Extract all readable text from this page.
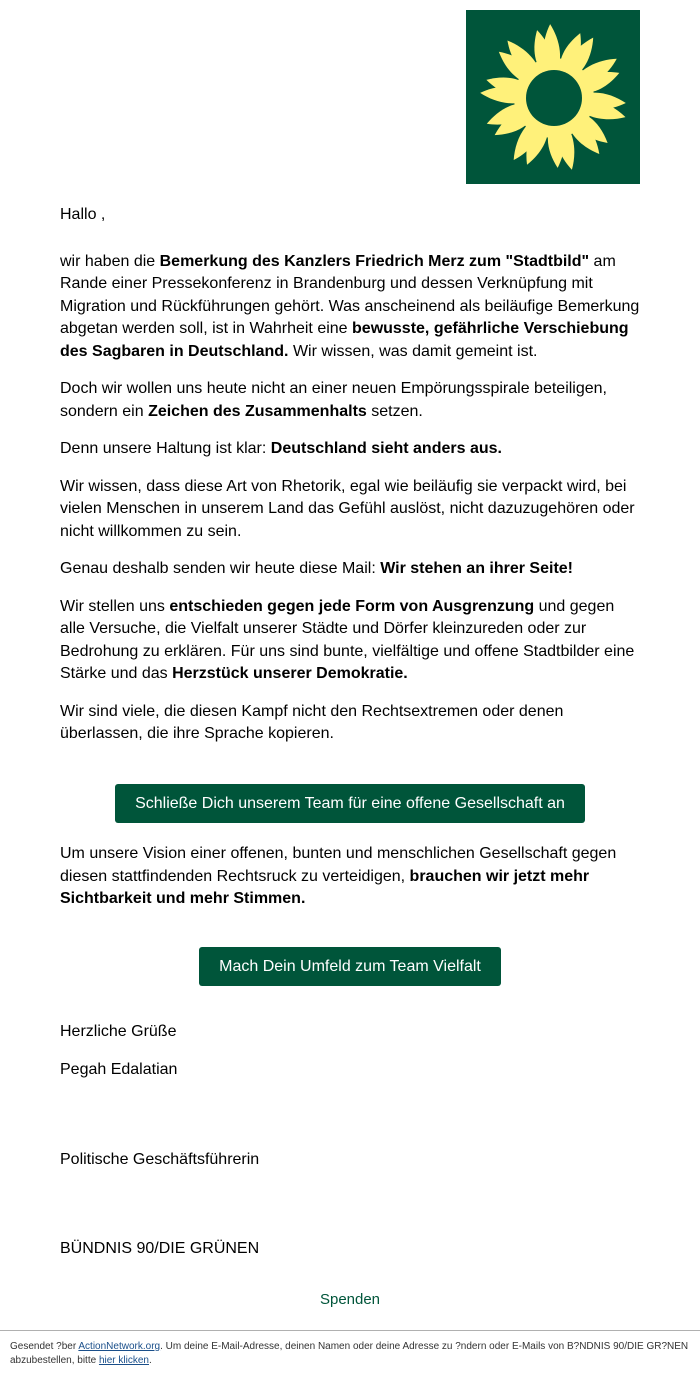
Hallo ,

wir haben die Bemerkung des Kanzlers Friedrich Merz zum "Stadtbild" am Rande einer Pressekonferenz in Brandenburg und dessen Verknüpfung mit Migration und Rückführungen gehört. Was anscheinend als beiläufige Bemerkung abgetan werden soll, ist in Wahrheit eine bewusste, gefährliche Verschiebung des Sagbaren in Deutschland. Wir wissen, was damit gemeint ist.

Doch wir wollen uns heute nicht an einer neuen Empörungsspirale beteiligen, sondern ein Zeichen des Zusammenhalts setzen.

Denn unsere Haltung ist klar: Deutschland sieht anders aus.

Wir wissen, dass diese Art von Rhetorik, egal wie beiläufig sie verpackt wird, bei vielen Menschen in unserem Land das Gefühl auslöst, nicht dazuzugehören oder nicht willkommen zu sein.

Genau deshalb senden wir heute diese Mail: Wir stehen an ihrer Seite!

Wir stellen uns entschieden gegen jede Form von Ausgrenzung und gegen alle Versuche, die Vielfalt unserer Städte und Dörfer kleinzureden oder zur Bedrohung zu erklären. Für uns sind bunte, vielfältige und offene Stadtbilder eine Stärke und das Herzstück unserer Demokratie.

Wir sind viele, die diesen Kampf nicht den Rechtsextremen oder denen überlassen, die ihre Sprache kopieren.

Schließe Dich unserem Team für eine offene Gesellschaft an

Um unsere Vision einer offenen, bunten und menschlichen Gesellschaft gegen diesen stattfindenden Rechtsruck zu verteidigen, brauchen wir jetzt mehr Sichtbarkeit und mehr Stimmen.

Mach Dein Umfeld zum Team Vielfalt

Herzliche Grüße

Pegah Edalatian

Politische Geschäftsführerin

BÜNDNIS 90/DIE GRÜNEN

Spenden

Gesendet ?ber ActionNetwork.org. Um deine E-Mail-Adresse, deinen Namen oder deine Adresse zu ?ndern oder E-Mails von B?NDNIS 90/DIE GR?NEN abzubestellen, bitte hier klicken.
